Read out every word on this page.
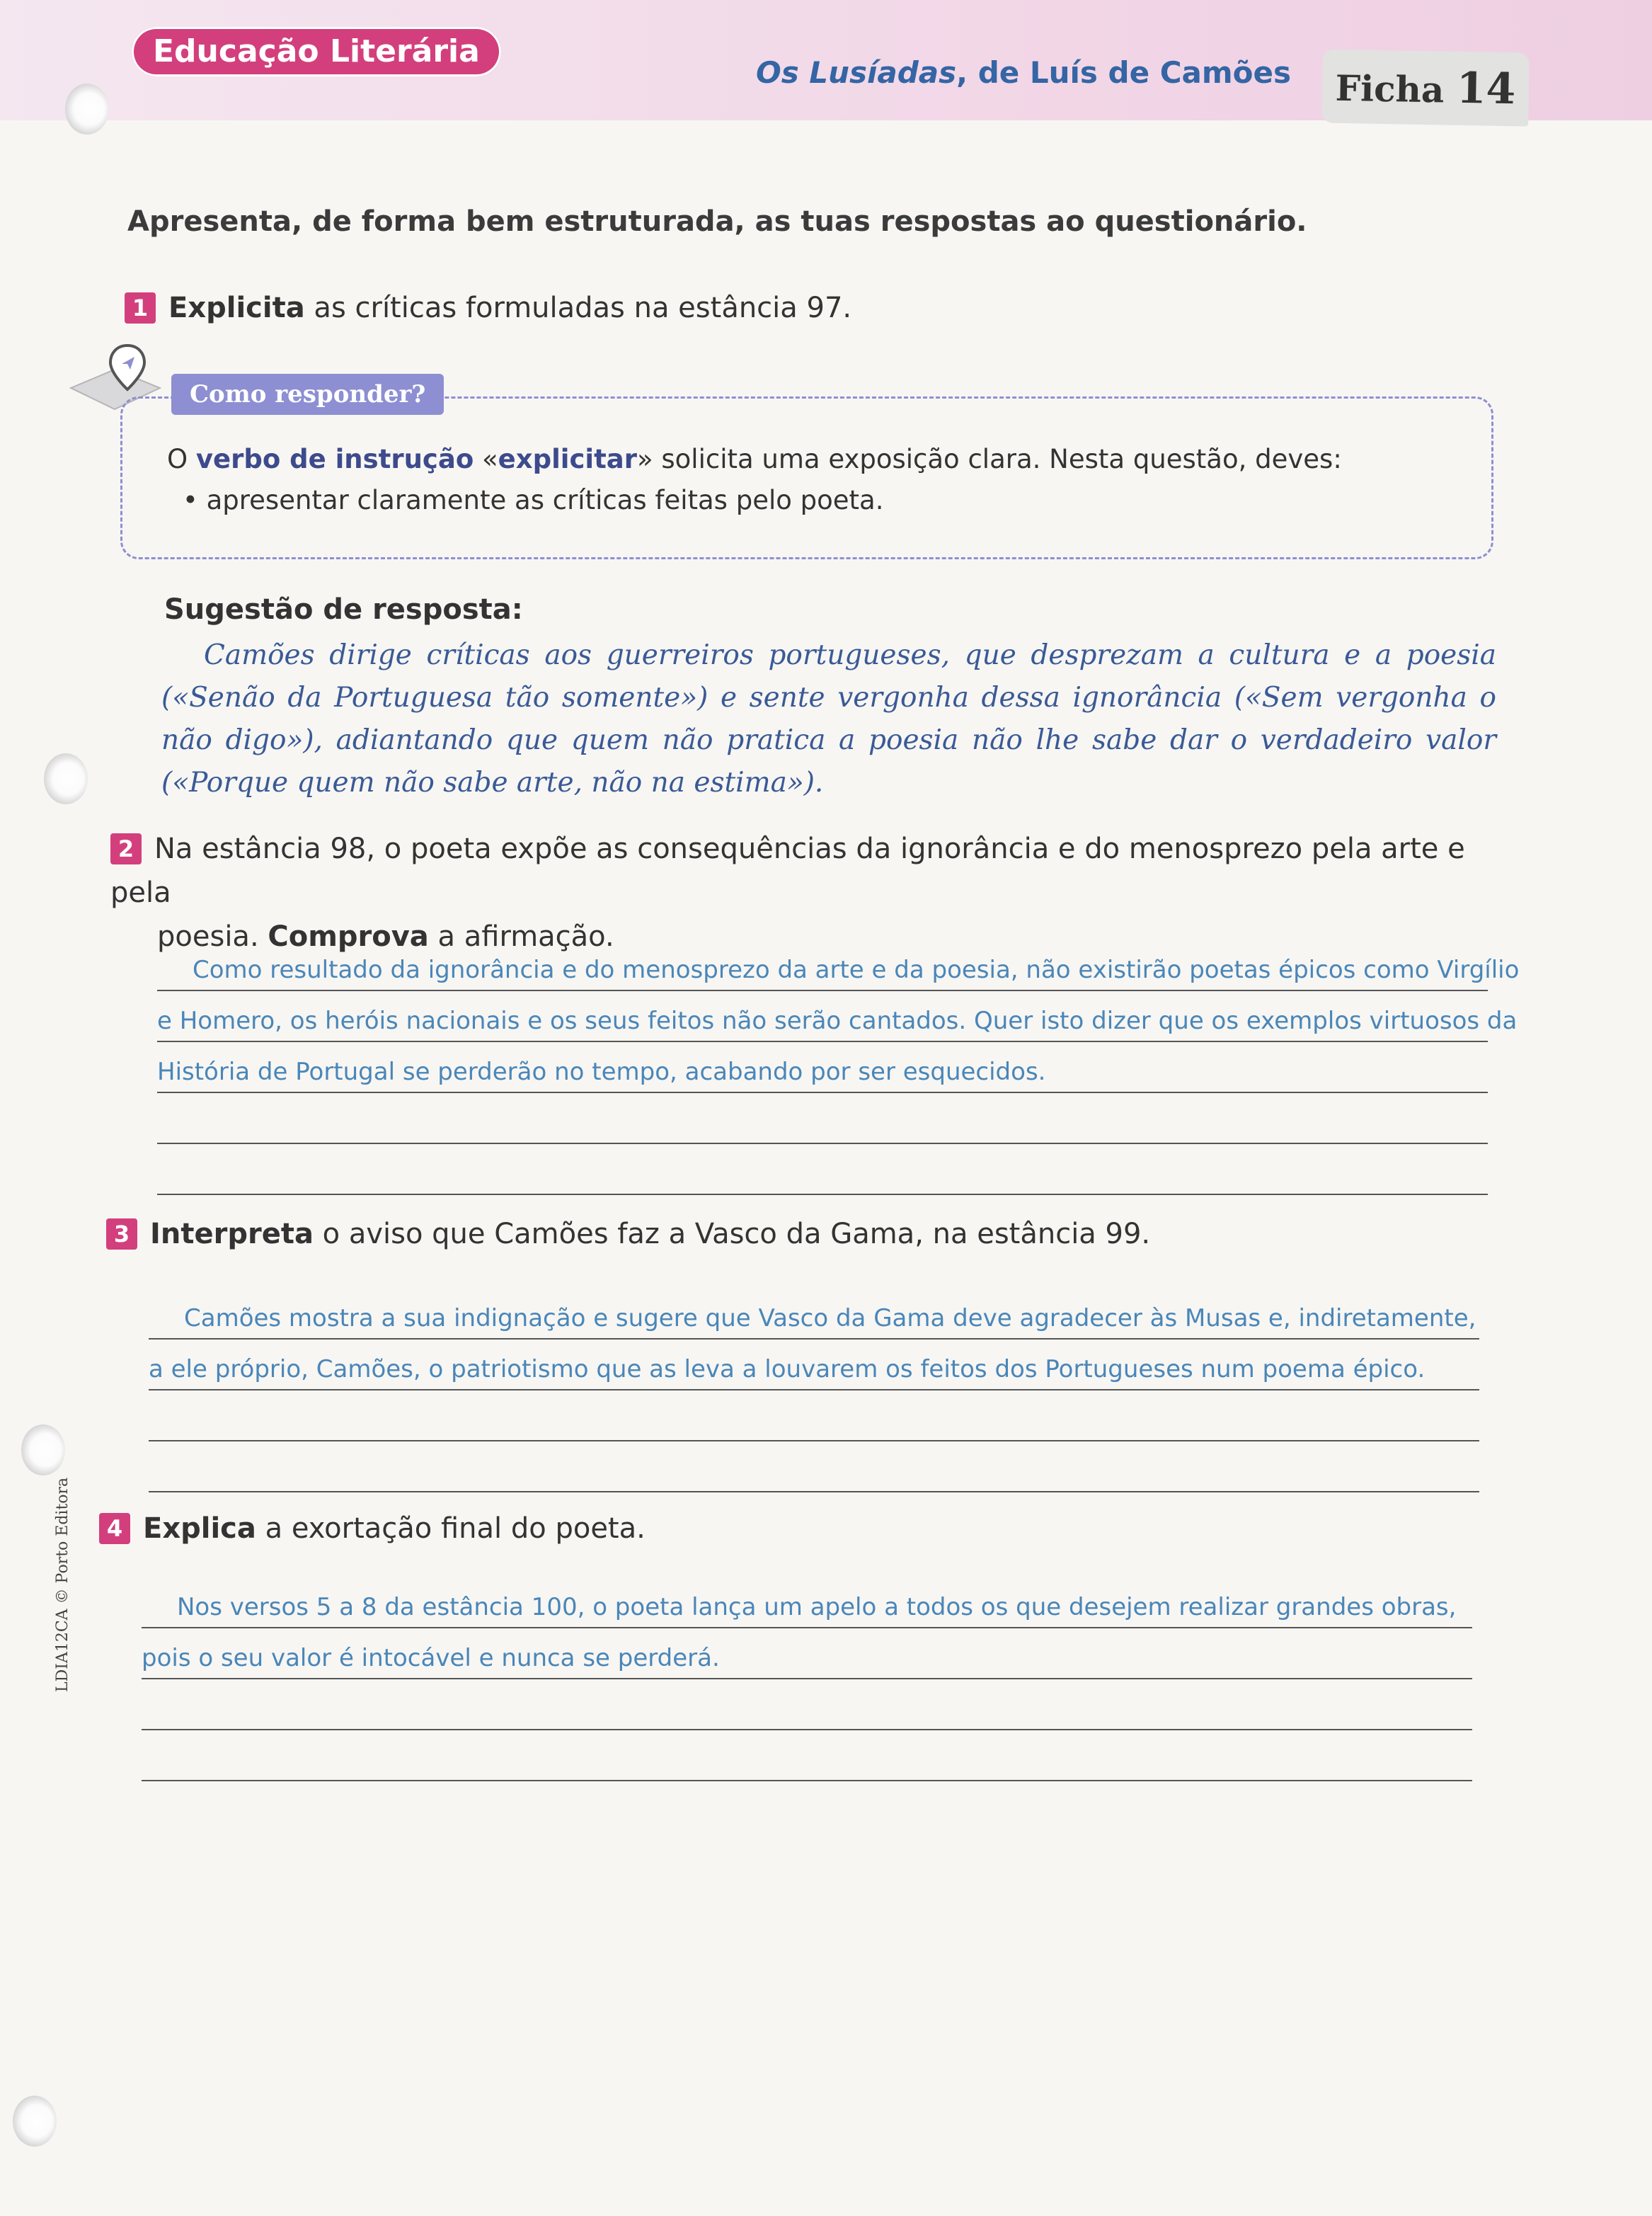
Educação Literária
Os Lusíadas, de Luís de Camões	Ficha 14
Apresenta, de forma bem estruturada, as tuas respostas ao questionário.
1 Explicita as críticas formuladas na estância 97.
Como responder?
O verbo de instrução «explicitar» solicita uma exposição clara. Nesta questão, deves:
• apresentar claramente as críticas feitas pelo poeta.
Sugestão de resposta:
Camões dirige críticas aos guerreiros portugueses, que desprezam a cultura e a poesia («Senão da Portuguesa tão somente») e sente vergonha dessa ignorância («Sem vergonha o não digo»), adiantando que quem não pratica a poesia não lhe sabe dar o verdadeiro valor («Porque quem não sabe arte, não na estima»).
2 Na estância 98, o poeta expõe as consequências da ignorância e do menosprezo pela arte e pela
poesia. Comprova a afirmação.
Como resultado da ignorância e do menosprezo da arte e da poesia, não existirão poetas épicos como Virgílio
e Homero, os heróis nacionais e os seus feitos não serão cantados. Quer isto dizer que os exemplos virtuosos da
História de Portugal se perderão no tempo, acabando por ser esquecidos.
3 Interpreta o aviso que Camões faz a Vasco da Gama, na estância 99.
Camões mostra a sua indignação e sugere que Vasco da Gama deve agradecer às Musas e, indiretamente,
a ele próprio, Camões, o patriotismo que as leva a louvarem os feitos dos Portugueses num poema épico.
4 Explica a exortação final do poeta.
Nos versos 5 a 8 da estância 100, o poeta lança um apelo a todos os que desejem realizar grandes obras,
pois o seu valor é intocável e nunca se perderá.
LDIA12CA © Porto Editora
